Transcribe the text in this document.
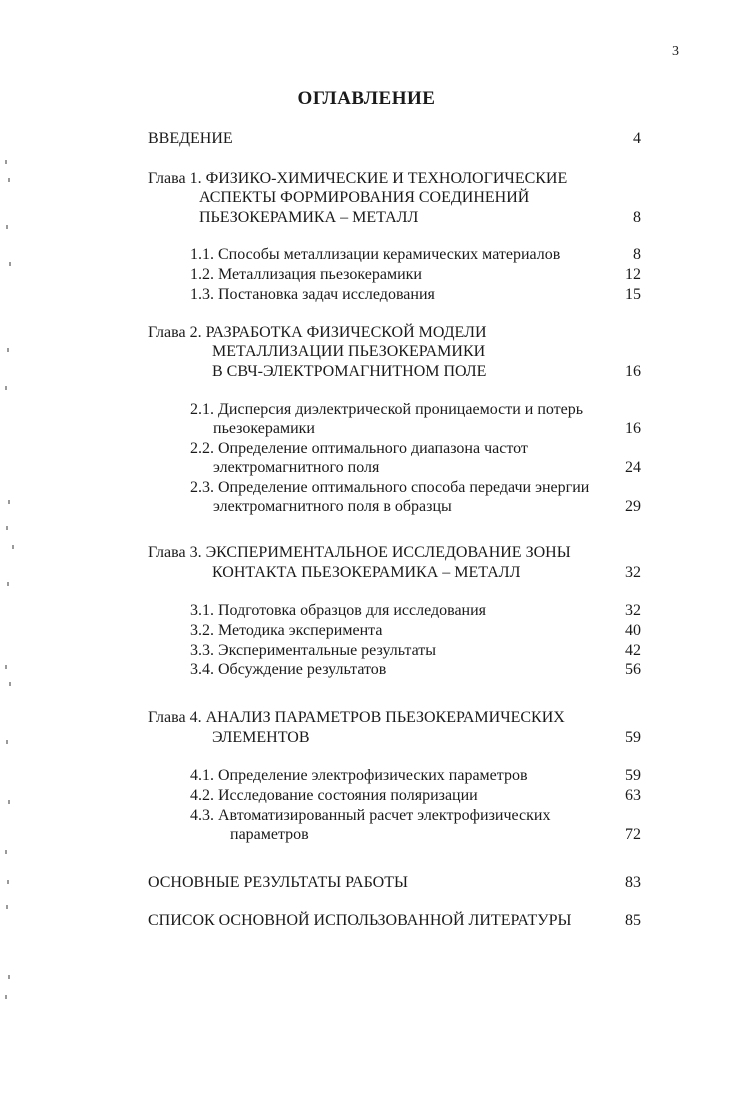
3
ОГЛАВЛЕНИЕ
ВВЕДЕНИЕ	4
Глава 1. ФИЗИКО-ХИМИЧЕСКИЕ И ТЕХНОЛОГИЧЕСКИЕ
АСПЕКТЫ ФОРМИРОВАНИЯ СОЕДИНЕНИЙ
ПЬЕЗОКЕРАМИКА – МЕТАЛЛ	8
1.1. Способы металлизации керамических материалов	8
1.2. Металлизация пьезокерамики	12
1.3. Постановка задач исследования	15
Глава 2. РАЗРАБОТКА ФИЗИЧЕСКОЙ МОДЕЛИ
МЕТАЛЛИЗАЦИИ ПЬЕЗОКЕРАМИКИ
В СВЧ-ЭЛЕКТРОМАГНИТНОМ ПОЛЕ	16
2.1. Дисперсия диэлектрической проницаемости и потерь
пьезокерамики	16
2.2. Определение оптимального диапазона частот
электромагнитного поля	24
2.3. Определение оптимального способа передачи энергии
электромагнитного поля в образцы	29
Глава 3. ЭКСПЕРИМЕНТАЛЬНОЕ ИССЛЕДОВАНИЕ ЗОНЫ
КОНТАКТА ПЬЕЗОКЕРАМИКА – МЕТАЛЛ	32
3.1. Подготовка образцов для исследования	32
3.2. Методика эксперимента	40
3.3. Экспериментальные результаты	42
3.4. Обсуждение результатов	56
Глава 4. АНАЛИЗ ПАРАМЕТРОВ ПЬЕЗОКЕРАМИЧЕСКИХ
ЭЛЕМЕНТОВ	59
4.1. Определение электрофизических параметров	59
4.2. Исследование состояния поляризации	63
4.3. Автоматизированный расчет электрофизических
параметров	72
ОСНОВНЫЕ РЕЗУЛЬТАТЫ РАБОТЫ	83
СПИСОК ОСНОВНОЙ ИСПОЛЬЗОВАННОЙ ЛИТЕРАТУРЫ	85
